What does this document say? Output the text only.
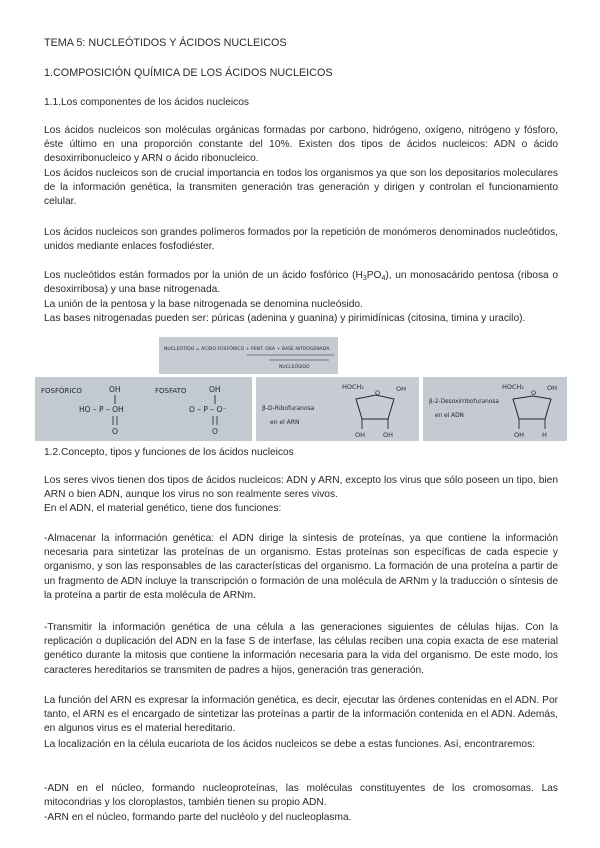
TEMA 5: NUCLEÓTIDOS Y ÁCIDOS NUCLEICOS
1.COMPOSICIÓN QUÍMICA DE LOS ÁCIDOS NUCLEICOS
1.1.Los componentes de los ácidos nucleicos
Los ácidos nucleicos son moléculas orgánicas formadas por carbono, hidrógeno, oxígeno, nitrógeno y fósforo, éste último en una proporción constante del 10%. Existen dos tipos de ácidos nucleicos: ADN o ácido desoxirribonucleico y ARN o ácido ribonucleico.
Los ácidos nucleicos son de crucial importancia en todos los organismos ya que son los depositarios moleculares de la información genética, la transmiten generación tras generación y dirigen y controlan el funcionamiento celular.
Los ácidos nucleicos son grandes polímeros formados por la repetición de monómeros denominados nucleótidos, unidos mediante enlaces fosfodiéster.
Los nucleótidos están formados por la unión de un ácido fosfórico $(H_3PO_4)$, un monosacárido pentosa (ribosa o desoxirribosa) y una base nitrogenada.
La unión de la pentosa y la base nitrogenada se denomina nucleósido.
Las bases nitrogenadas pueden ser: púricas (adenina y guanina) y pirimidínicas (citosina, timina y uracilo).
NUCLEÓTIDO = ÁCIDO FOSFÓRICO + PENT. OSA + BASE NITROGENADA
NUCLEÓSIDO
FOSFÓRICO	OH
HO – P – OH
O
FOSFATO	OH
O – P – O⁻
O
β-D-Ribofuranosa
en el ARN
HOCH₂
O OH
OH	OH
β-2-Desoxirribofuranosa
en el ADN
HOCH₂
O
OH
OH	H
1.2.Concepto, tipos y funciones de los ácidos nucleicos
Los seres vivos tienen dos tipos de ácidos nucleicos: ADN y ARN, excepto los virus que sólo poseen un tipo, bien ARN o bien ADN, aunque los virus no son realmente seres vivos.
En el ADN, el material genético, tiene dos funciones:
-Almacenar la información genética: el ADN dirige la síntesis de proteínas, ya que contiene la información necesaria para sintetizar las proteínas de un organismo. Estas proteínas son específicas de cada especie y organismo, y son las responsables de las características del organismo. La formación de una proteína a partir de un fragmento de ADN incluye la transcripción o formación de una molécula de ARNm y la traducción o síntesis de la proteína a partir de esta molécula de ARNm.
-Transmitir la información genética de una célula a las generaciones siguientes de células hijas. Con la replicación o duplicación del ADN en la fase S de interfase, las células reciben una copia exacta de ese material genético durante la mitosis que contiene la información necesaria para la vida del organismo. De este modo, los caracteres hereditarios se transmiten de padres a hijos, generación tras generación.
La función del ARN es expresar la información genética, es decir, ejecutar las órdenes contenidas en el ADN. Por tanto, el ARN es el encargado de sintetizar las proteínas a partir de la información contenida en el ADN. Además, en algunos virus es el material hereditario.
La localización en la célula eucariota de los ácidos nucleicos se debe a estas funciones. Así, encontraremos:
-ADN en el núcleo, formando nucleoproteínas, las moléculas constituyentes de los cromosomas. Las mitocondrias y los cloroplastos, también tienen su propio ADN.
-ARN en el núcleo, formando parte del nucléolo y del nucleoplasma.
